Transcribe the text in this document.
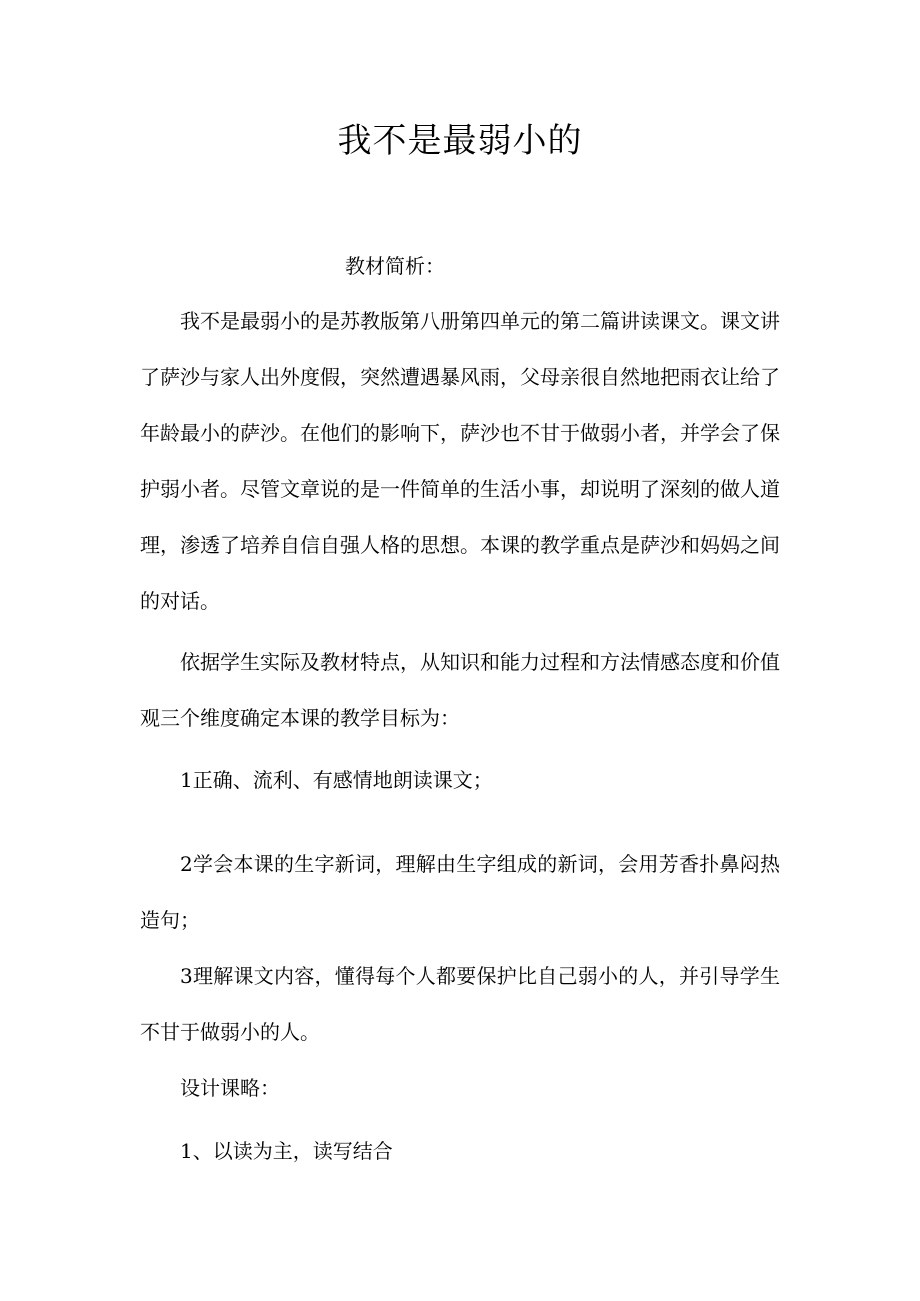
我不是最弱小的

教材简析：

我不是最弱小的是苏教版第八册第四单元的第二篇讲读课文。课文讲了萨沙与家人出外度假，突然遭遇暴风雨，父母亲很自然地把雨衣让给了年龄最小的萨沙。在他们的影响下，萨沙也不甘于做弱小者，并学会了保护弱小者。尽管文章说的是一件简单的生活小事，却说明了深刻的做人道理，渗透了培养自信自强人格的思想。本课的教学重点是萨沙和妈妈之间的对话。

依据学生实际及教材特点，从知识和能力过程和方法情感态度和价值观三个维度确定本课的教学目标为：

1正确、流利、有感情地朗读课文；

2学会本课的生字新词，理解由生字组成的新词，会用芳香扑鼻闷热造句；

3理解课文内容，懂得每个人都要保护比自己弱小的人，并引导学生不甘于做弱小的人。

设计课略：

1、以读为主，读写结合
